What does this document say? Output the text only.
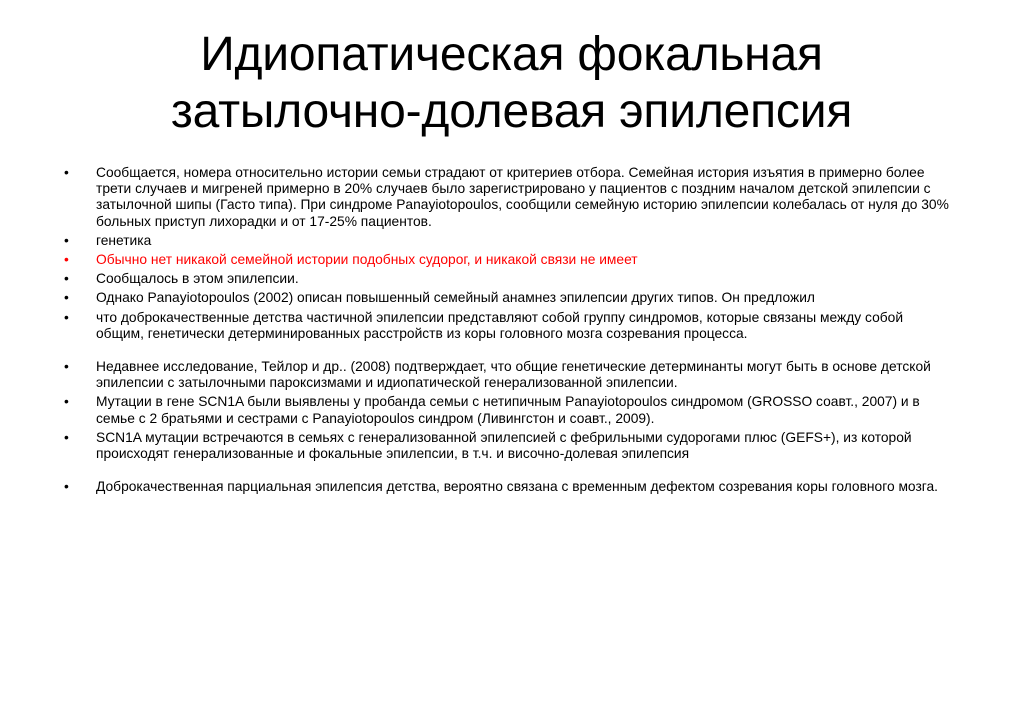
Идиопатическая фокальная
затылочно-долевая эпилепсия
•	Сообщается, номера относительно истории семьи страдают от критериев отбора. Семейная история изъятия в примерно более трети случаев и мигреней примерно в 20% случаев было зарегистрировано у пациентов с поздним началом детской эпилепсии с затылочной шипы (Гасто типа). При синдроме Panayiotopoulos, сообщили семейную историю эпилепсии колебалась от нуля до 30% больных приступ лихорадки и от 17-25% пациентов.
•	генетика
•	Обычно нет никакой семейной истории подобных судорог, и никакой связи не имеет
•	Сообщалось в этом эпилепсии.
•	Однако Panayiotopoulos (2002) описан повышенный семейный анамнез эпилепсии других типов. Он предложил
•	что доброкачественные детства частичной эпилепсии представляют собой группу синдромов, которые связаны между собой общим, генетически детерминированных расстройств из коры головного мозга созревания процесса.
•	Недавнее исследование, Тейлор и др.. (2008) подтверждает, что общие генетические детерминанты могут быть в основе детской эпилепсии с затылочными пароксизмами и идиопатической генерализованной эпилепсии.
•	Мутации в гене SCN1A были выявлены у пробанда семьи с нетипичным Panayiotopoulos синдромом (GROSSO соавт., 2007) и в семье с 2 братьями и сестрами с Panayiotopoulos синдром (Ливингстон и соавт., 2009).
•	SCN1A мутации встречаются в семьях с генерализованной эпилепсией с фебрильными судорогами плюс (GEFS+), из которой происходят генерализованные и фокальные эпилепсии, в т.ч. и височно-долевая эпилепсия
•	Доброкачественная парциальная эпилепсия детства, вероятно связана с временным дефектом созревания коры головного мозга.
